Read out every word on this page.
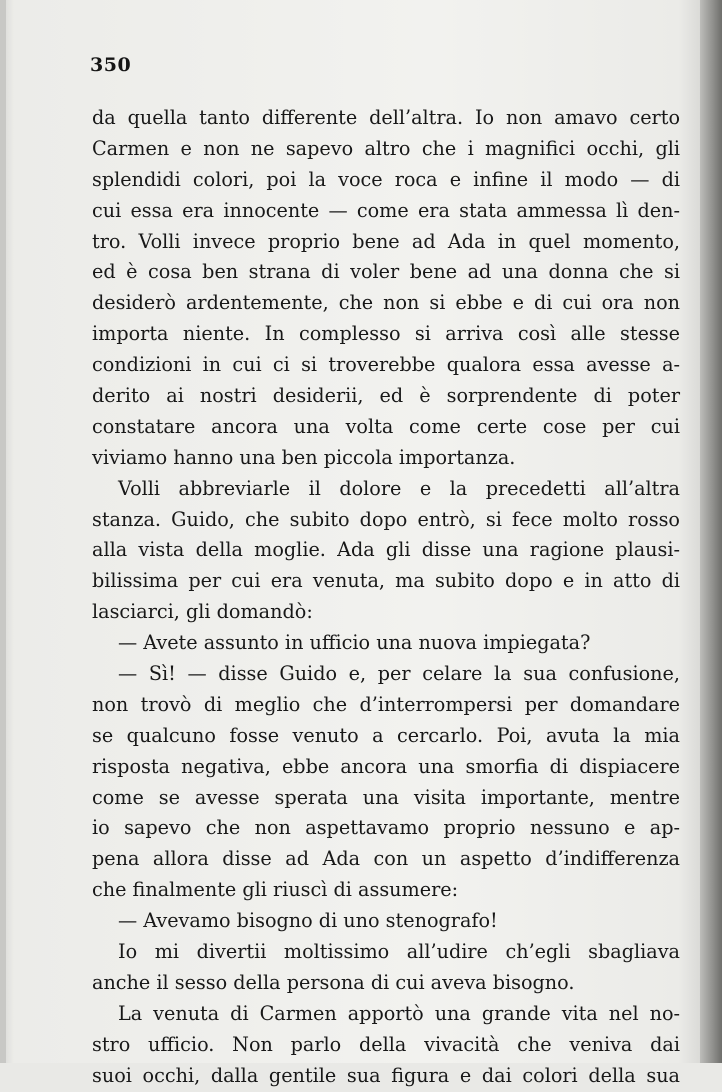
350
da quella tanto differente dell’altra. Io non amavo certo
Carmen e non ne sapevo altro che i magnifici occhi, gli
splendidi colori, poi la voce roca e infine il modo — di
cui essa era innocente — come era stata ammessa lì den-
tro. Volli invece proprio bene ad Ada in quel momento,
ed è cosa ben strana di voler bene ad una donna che si
desiderò ardentemente, che non si ebbe e di cui ora non
importa niente. In complesso si arriva così alle stesse
condizioni in cui ci si troverebbe qualora essa avesse a-
derito ai nostri desiderii, ed è sorprendente di poter
constatare ancora una volta come certe cose per cui
viviamo hanno una ben piccola importanza.
Volli abbreviarle il dolore e la precedetti all’altra
stanza. Guido, che subito dopo entrò, si fece molto rosso
alla vista della moglie. Ada gli disse una ragione plausi-
bilissima per cui era venuta, ma subito dopo e in atto di
lasciarci, gli domandò:
— Avete assunto in ufficio una nuova impiegata?
— Sì! — disse Guido e, per celare la sua confusione,
non trovò di meglio che d’interrompersi per domandare
se qualcuno fosse venuto a cercarlo. Poi, avuta la mia
risposta negativa, ebbe ancora una smorfia di dispiacere
come se avesse sperata una visita importante, mentre
io sapevo che non aspettavamo proprio nessuno e ap-
pena allora disse ad Ada con un aspetto d’indifferenza
che finalmente gli riuscì di assumere:
— Avevamo bisogno di uno stenografo!
Io mi divertii moltissimo all’udire ch’egli sbagliava
anche il sesso della persona di cui aveva bisogno.
La venuta di Carmen apportò una grande vita nel no-
stro ufficio. Non parlo della vivacità che veniva dai
suoi occhi, dalla gentile sua figura e dai colori della sua
